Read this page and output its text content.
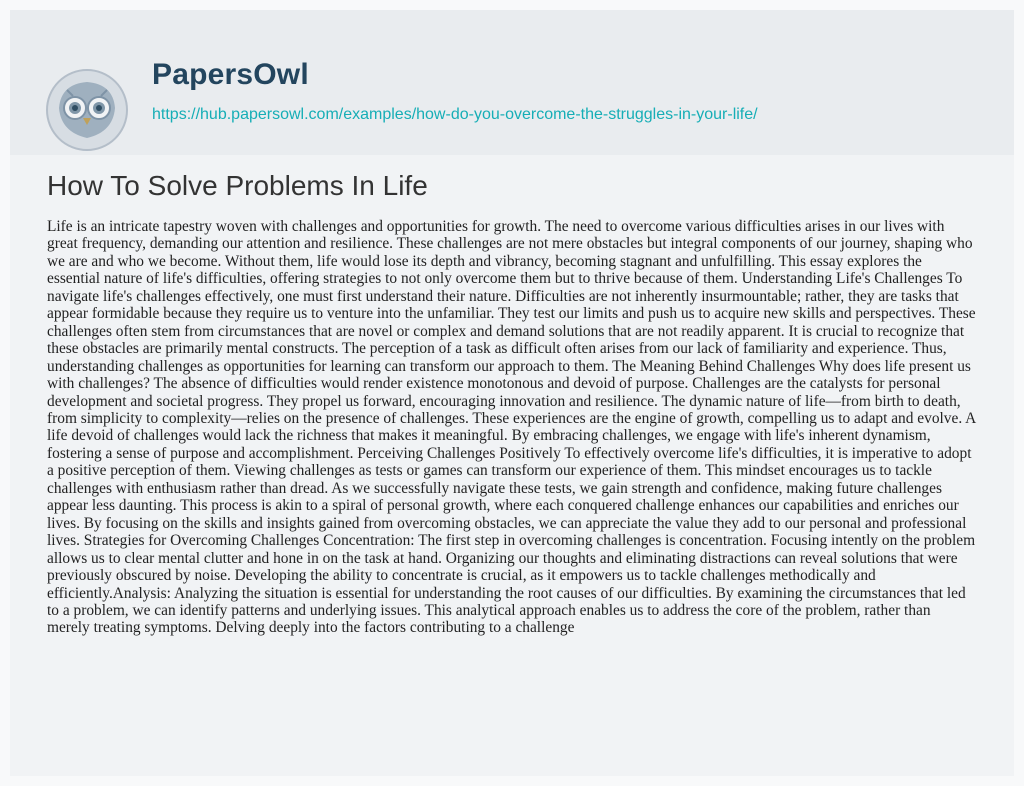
PapersOwl
https://hub.papersowl.com/examples/how-do-you-overcome-the-struggles-in-your-life/
How To Solve Problems In Life

Life is an intricate tapestry woven with challenges and opportunities for growth. The need to overcome various difficulties arises in our lives with great frequency, demanding our attention and resilience. These challenges are not mere obstacles but integral components of our journey, shaping who we are and who we become. Without them, life would lose its depth and vibrancy, becoming stagnant and unfulfilling. This essay explores the essential nature of life's difficulties, offering strategies to not only overcome them but to thrive because of them. Understanding Life's Challenges To navigate life's challenges effectively, one must first understand their nature. Difficulties are not inherently insurmountable; rather, they are tasks that appear formidable because they require us to venture into the unfamiliar. They test our limits and push us to acquire new skills and perspectives. These challenges often stem from circumstances that are novel or complex and demand solutions that are not readily apparent. It is crucial to recognize that these obstacles are primarily mental constructs. The perception of a task as difficult often arises from our lack of familiarity and experience. Thus, understanding challenges as opportunities for learning can transform our approach to them. The Meaning Behind Challenges Why does life present us with challenges? The absence of difficulties would render existence monotonous and devoid of purpose. Challenges are the catalysts for personal development and societal progress. They propel us forward, encouraging innovation and resilience. The dynamic nature of life—from birth to death, from simplicity to complexity—relies on the presence of challenges. These experiences are the engine of growth, compelling us to adapt and evolve. A life devoid of challenges would lack the richness that makes it meaningful. By embracing challenges, we engage with life's inherent dynamism, fostering a sense of purpose and accomplishment. Perceiving Challenges Positively To effectively overcome life's difficulties, it is imperative to adopt a positive perception of them. Viewing challenges as tests or games can transform our experience of them. This mindset encourages us to tackle challenges with enthusiasm rather than dread. As we successfully navigate these tests, we gain strength and confidence, making future challenges appear less daunting. This process is akin to a spiral of personal growth, where each conquered challenge enhances our capabilities and enriches our lives. By focusing on the skills and insights gained from overcoming obstacles, we can appreciate the value they add to our personal and professional lives. Strategies for Overcoming Challenges Concentration: The first step in overcoming challenges is concentration. Focusing intently on the problem allows us to clear mental clutter and hone in on the task at hand. Organizing our thoughts and eliminating distractions can reveal solutions that were previously obscured by noise. Developing the ability to concentrate is crucial, as it empowers us to tackle challenges methodically and efficiently.Analysis: Analyzing the situation is essential for understanding the root causes of our difficulties. By examining the circumstances that led to a problem, we can identify patterns and underlying issues. This analytical approach enables us to address the core of the problem, rather than merely treating symptoms. Delving deeply into the factors contributing to a challenge
